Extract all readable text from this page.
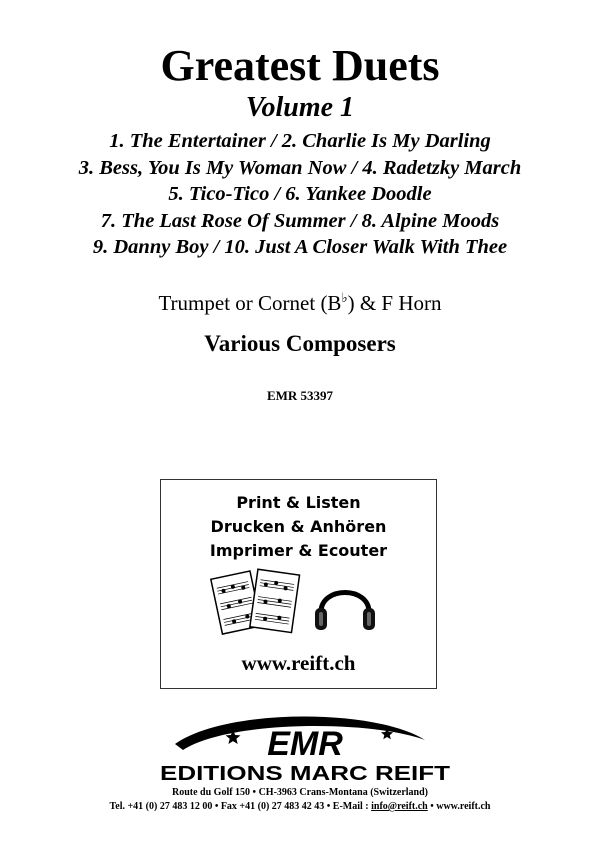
Greatest Duets
Volume 1
1. The Entertainer / 2. Charlie Is My Darling
3. Bess, You Is My Woman Now / 4. Radetzky March
5. Tico-Tico / 6. Yankee Doodle
7. The Last Rose Of Summer / 8. Alpine Moods
9. Danny Boy / 10. Just A Closer Walk With Thee
Trumpet or Cornet (B♭) & F Horn
Various Composers
EMR 53397
Print & Listen
Drucken & Anhören
Imprimer & Ecouter
www.reift.ch
EMR
EDITIONS MARC REIFT
Route du Golf 150 • CH-3963 Crans-Montana (Switzerland)
Tel. +41 (0) 27 483 12 00 • Fax +41 (0) 27 483 42 43 • E-Mail : info@reift.ch • www.reift.ch
